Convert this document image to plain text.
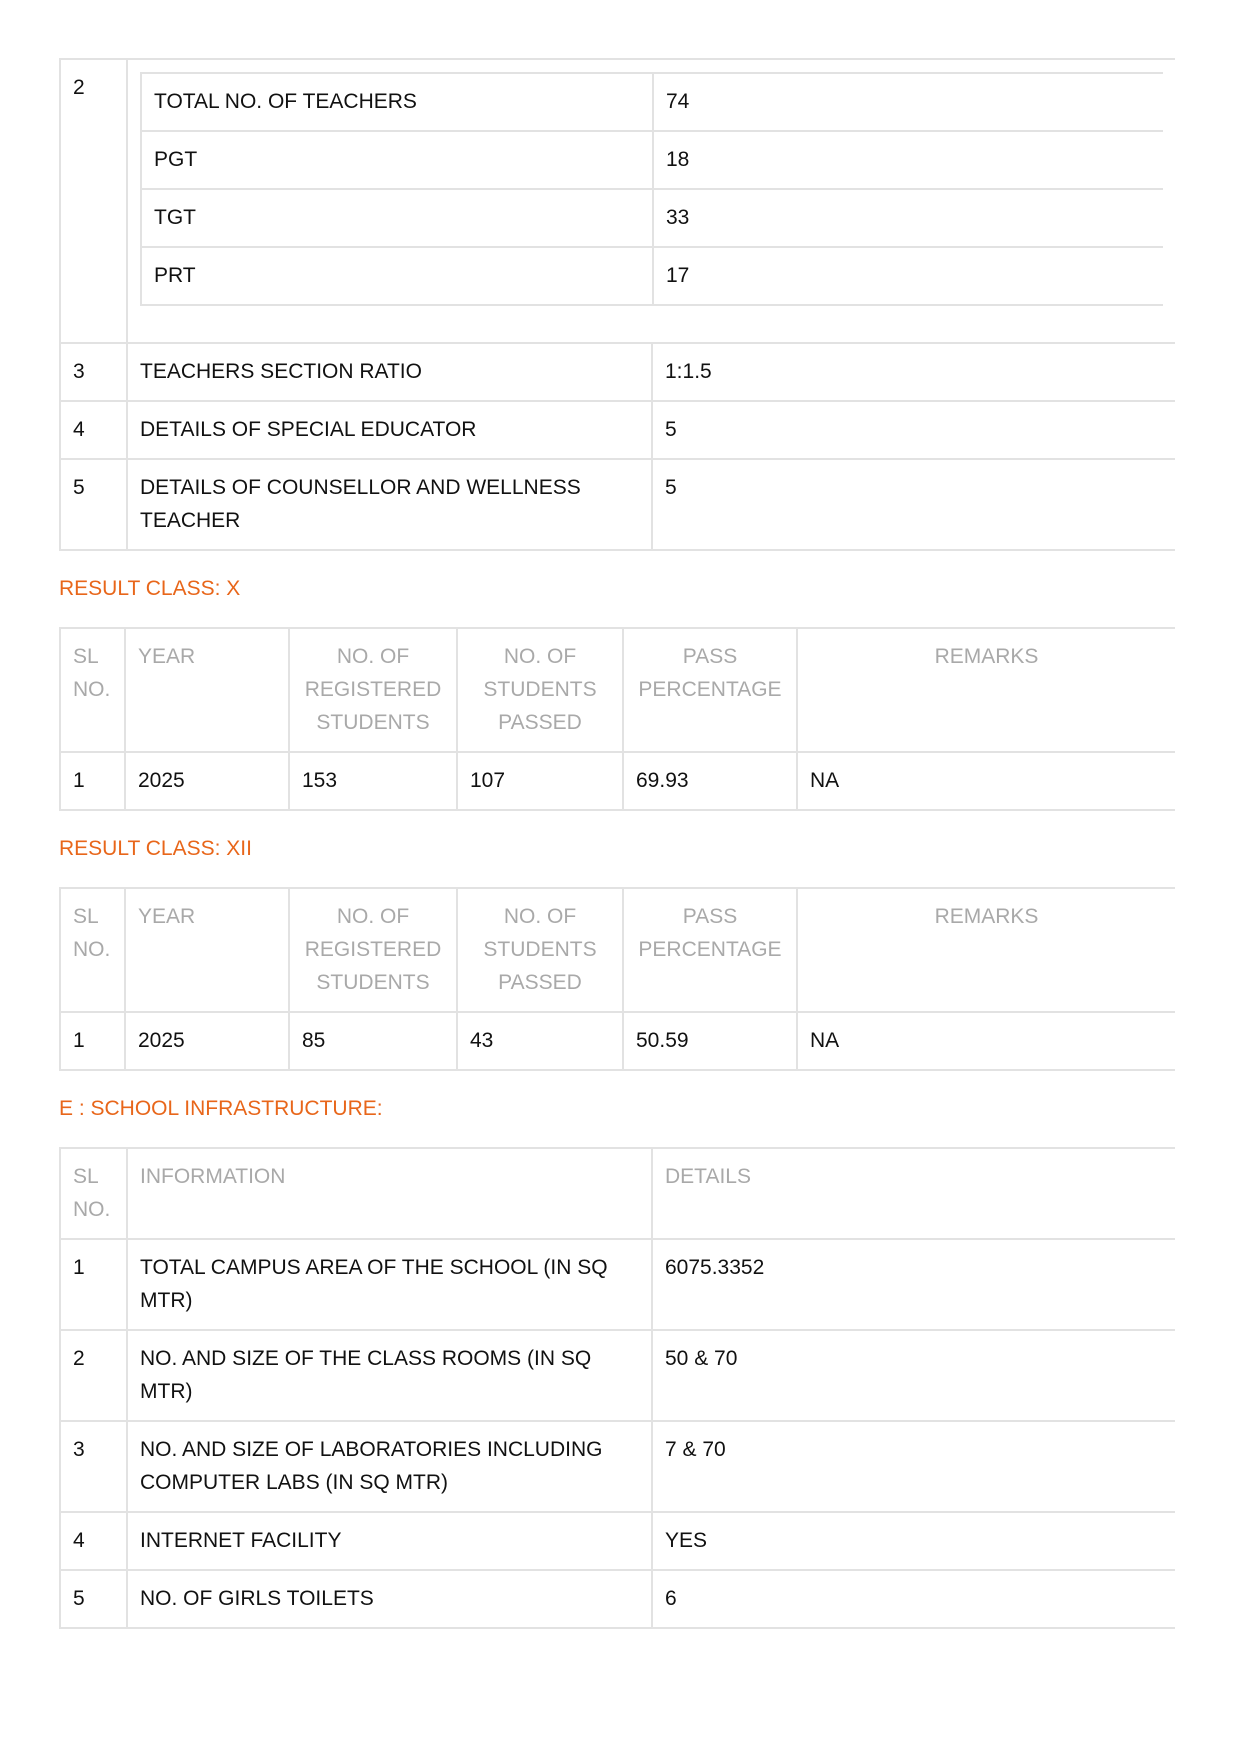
2	
TOTAL NO. OF TEACHERS	74
PGT	18
TGT	33
PRT	17

3	TEACHERS SECTION RATIO	1:1.5
4	DETAILS OF SPECIAL EDUCATOR	5
5	DETAILS OF COUNSELLOR AND WELLNESS TEACHER	5
RESULT CLASS: X
SL NO.	YEAR	NO. OF REGISTERED STUDENTS	NO. OF STUDENTS PASSED	PASS PERCENTAGE	REMARKS
1	2025	153	107	69.93	NA
RESULT CLASS: XII
SL NO.	YEAR	NO. OF REGISTERED STUDENTS	NO. OF STUDENTS PASSED	PASS PERCENTAGE	REMARKS
1	2025	85	43	50.59	NA
E : SCHOOL INFRASTRUCTURE:
SL NO.	INFORMATION	DETAILS
1	TOTAL CAMPUS AREA OF THE SCHOOL (IN SQ MTR)	6075.3352
2	NO. AND SIZE OF THE CLASS ROOMS (IN SQ MTR)	50 & 70
3	NO. AND SIZE OF LABORATORIES INCLUDING COMPUTER LABS (IN SQ MTR)	7 & 70
4	INTERNET FACILITY	YES
5	NO. OF GIRLS TOILETS	6
